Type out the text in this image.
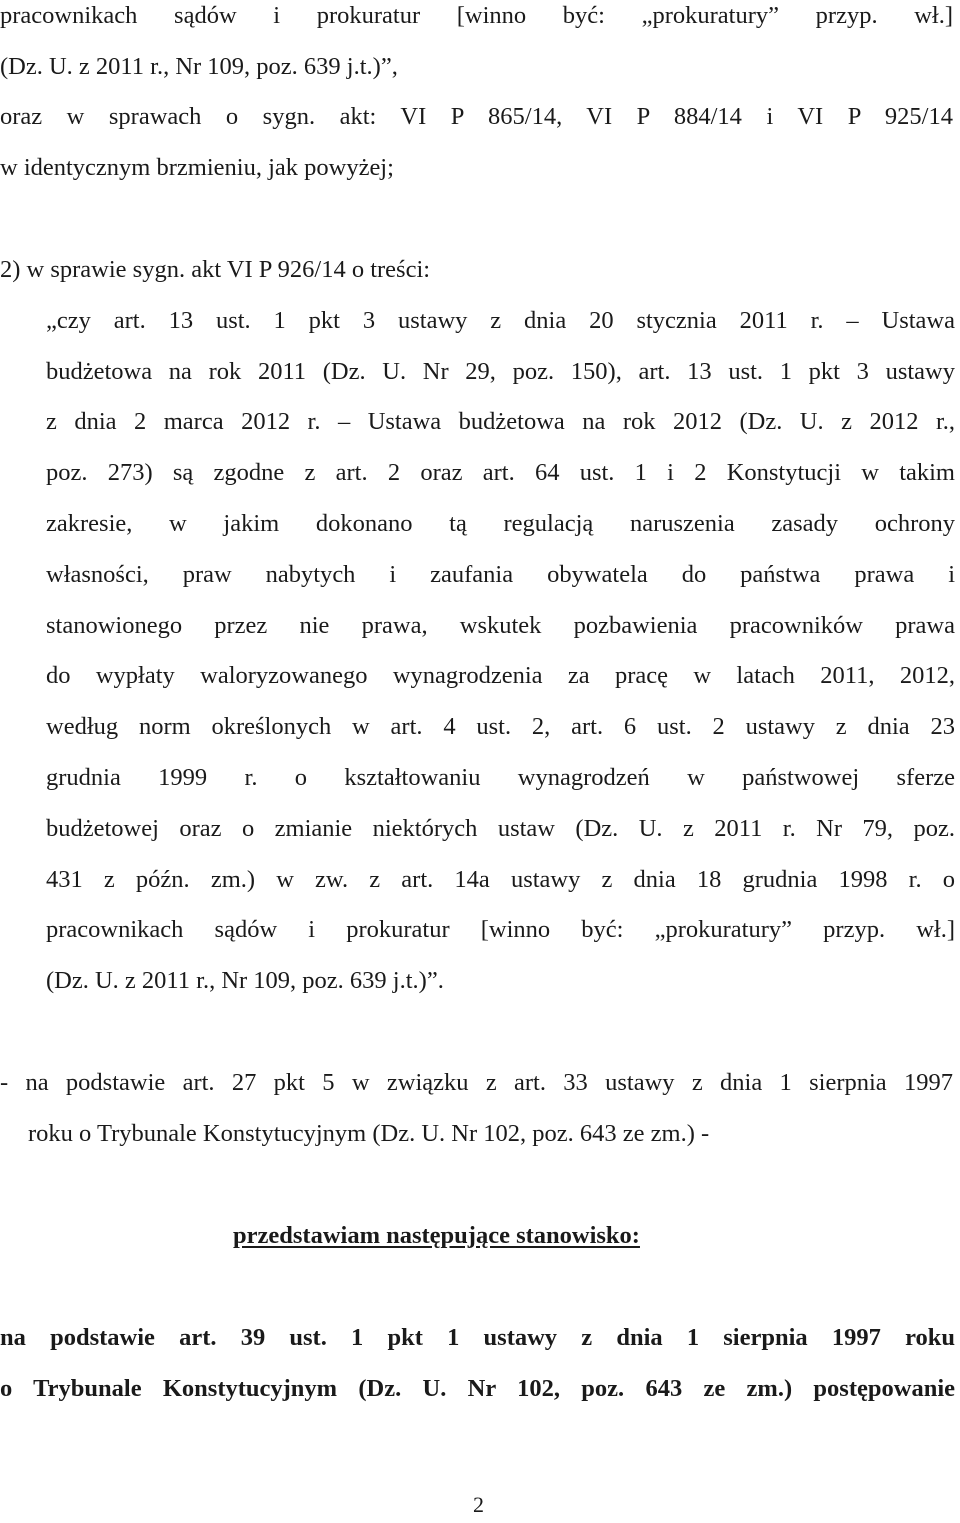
pracownikach sądów i prokuratur [winno być: „prokuratury” przyp. wł.]
(Dz. U. z 2011 r., Nr 109, poz. 639 j.t.)”,
oraz w sprawach o sygn. akt: VI P 865/14, VI P 884/14 i VI P 925/14
w identycznym brzmieniu, jak powyżej;
2) w sprawie sygn. akt VI P 926/14 o treści:
„czy art. 13 ust. 1 pkt 3 ustawy z dnia 20 stycznia 2011 r. – Ustawa
budżetowa na rok 2011 (Dz. U. Nr 29, poz. 150), art. 13 ust. 1 pkt 3 ustawy
z dnia 2 marca 2012 r. – Ustawa budżetowa na rok 2012 (Dz. U. z 2012 r.,
poz. 273) są zgodne z art. 2 oraz art. 64 ust. 1 i 2 Konstytucji w takim
zakresie, w jakim dokonano tą regulacją naruszenia zasady ochrony
własności, praw nabytych i zaufania obywatela do państwa prawa i
stanowionego przez nie prawa, wskutek pozbawienia pracowników prawa
do wypłaty waloryzowanego wynagrodzenia za pracę w latach 2011, 2012,
według norm określonych w art. 4 ust. 2, art. 6 ust. 2 ustawy z dnia 23
grudnia 1999 r. o kształtowaniu wynagrodzeń w państwowej sferze
budżetowej oraz o zmianie niektórych ustaw (Dz. U. z 2011 r. Nr 79, poz.
431 z późn. zm.) w zw. z art. 14a ustawy z dnia 18 grudnia 1998 r. o
pracownikach sądów i prokuratur [winno być: „prokuratury” przyp. wł.]
(Dz. U. z 2011 r., Nr 109, poz. 639 j.t.)”.
- na podstawie art. 27 pkt 5 w związku z art. 33 ustawy z dnia 1 sierpnia 1997
roku o Trybunale Konstytucyjnym (Dz. U. Nr 102, poz. 643 ze zm.) -
przedstawiam następujące stanowisko:
na podstawie art. 39 ust. 1 pkt 1 ustawy z dnia 1 sierpnia 1997 roku
o Trybunale Konstytucyjnym (Dz. U. Nr 102, poz. 643 ze zm.) postępowanie
2
